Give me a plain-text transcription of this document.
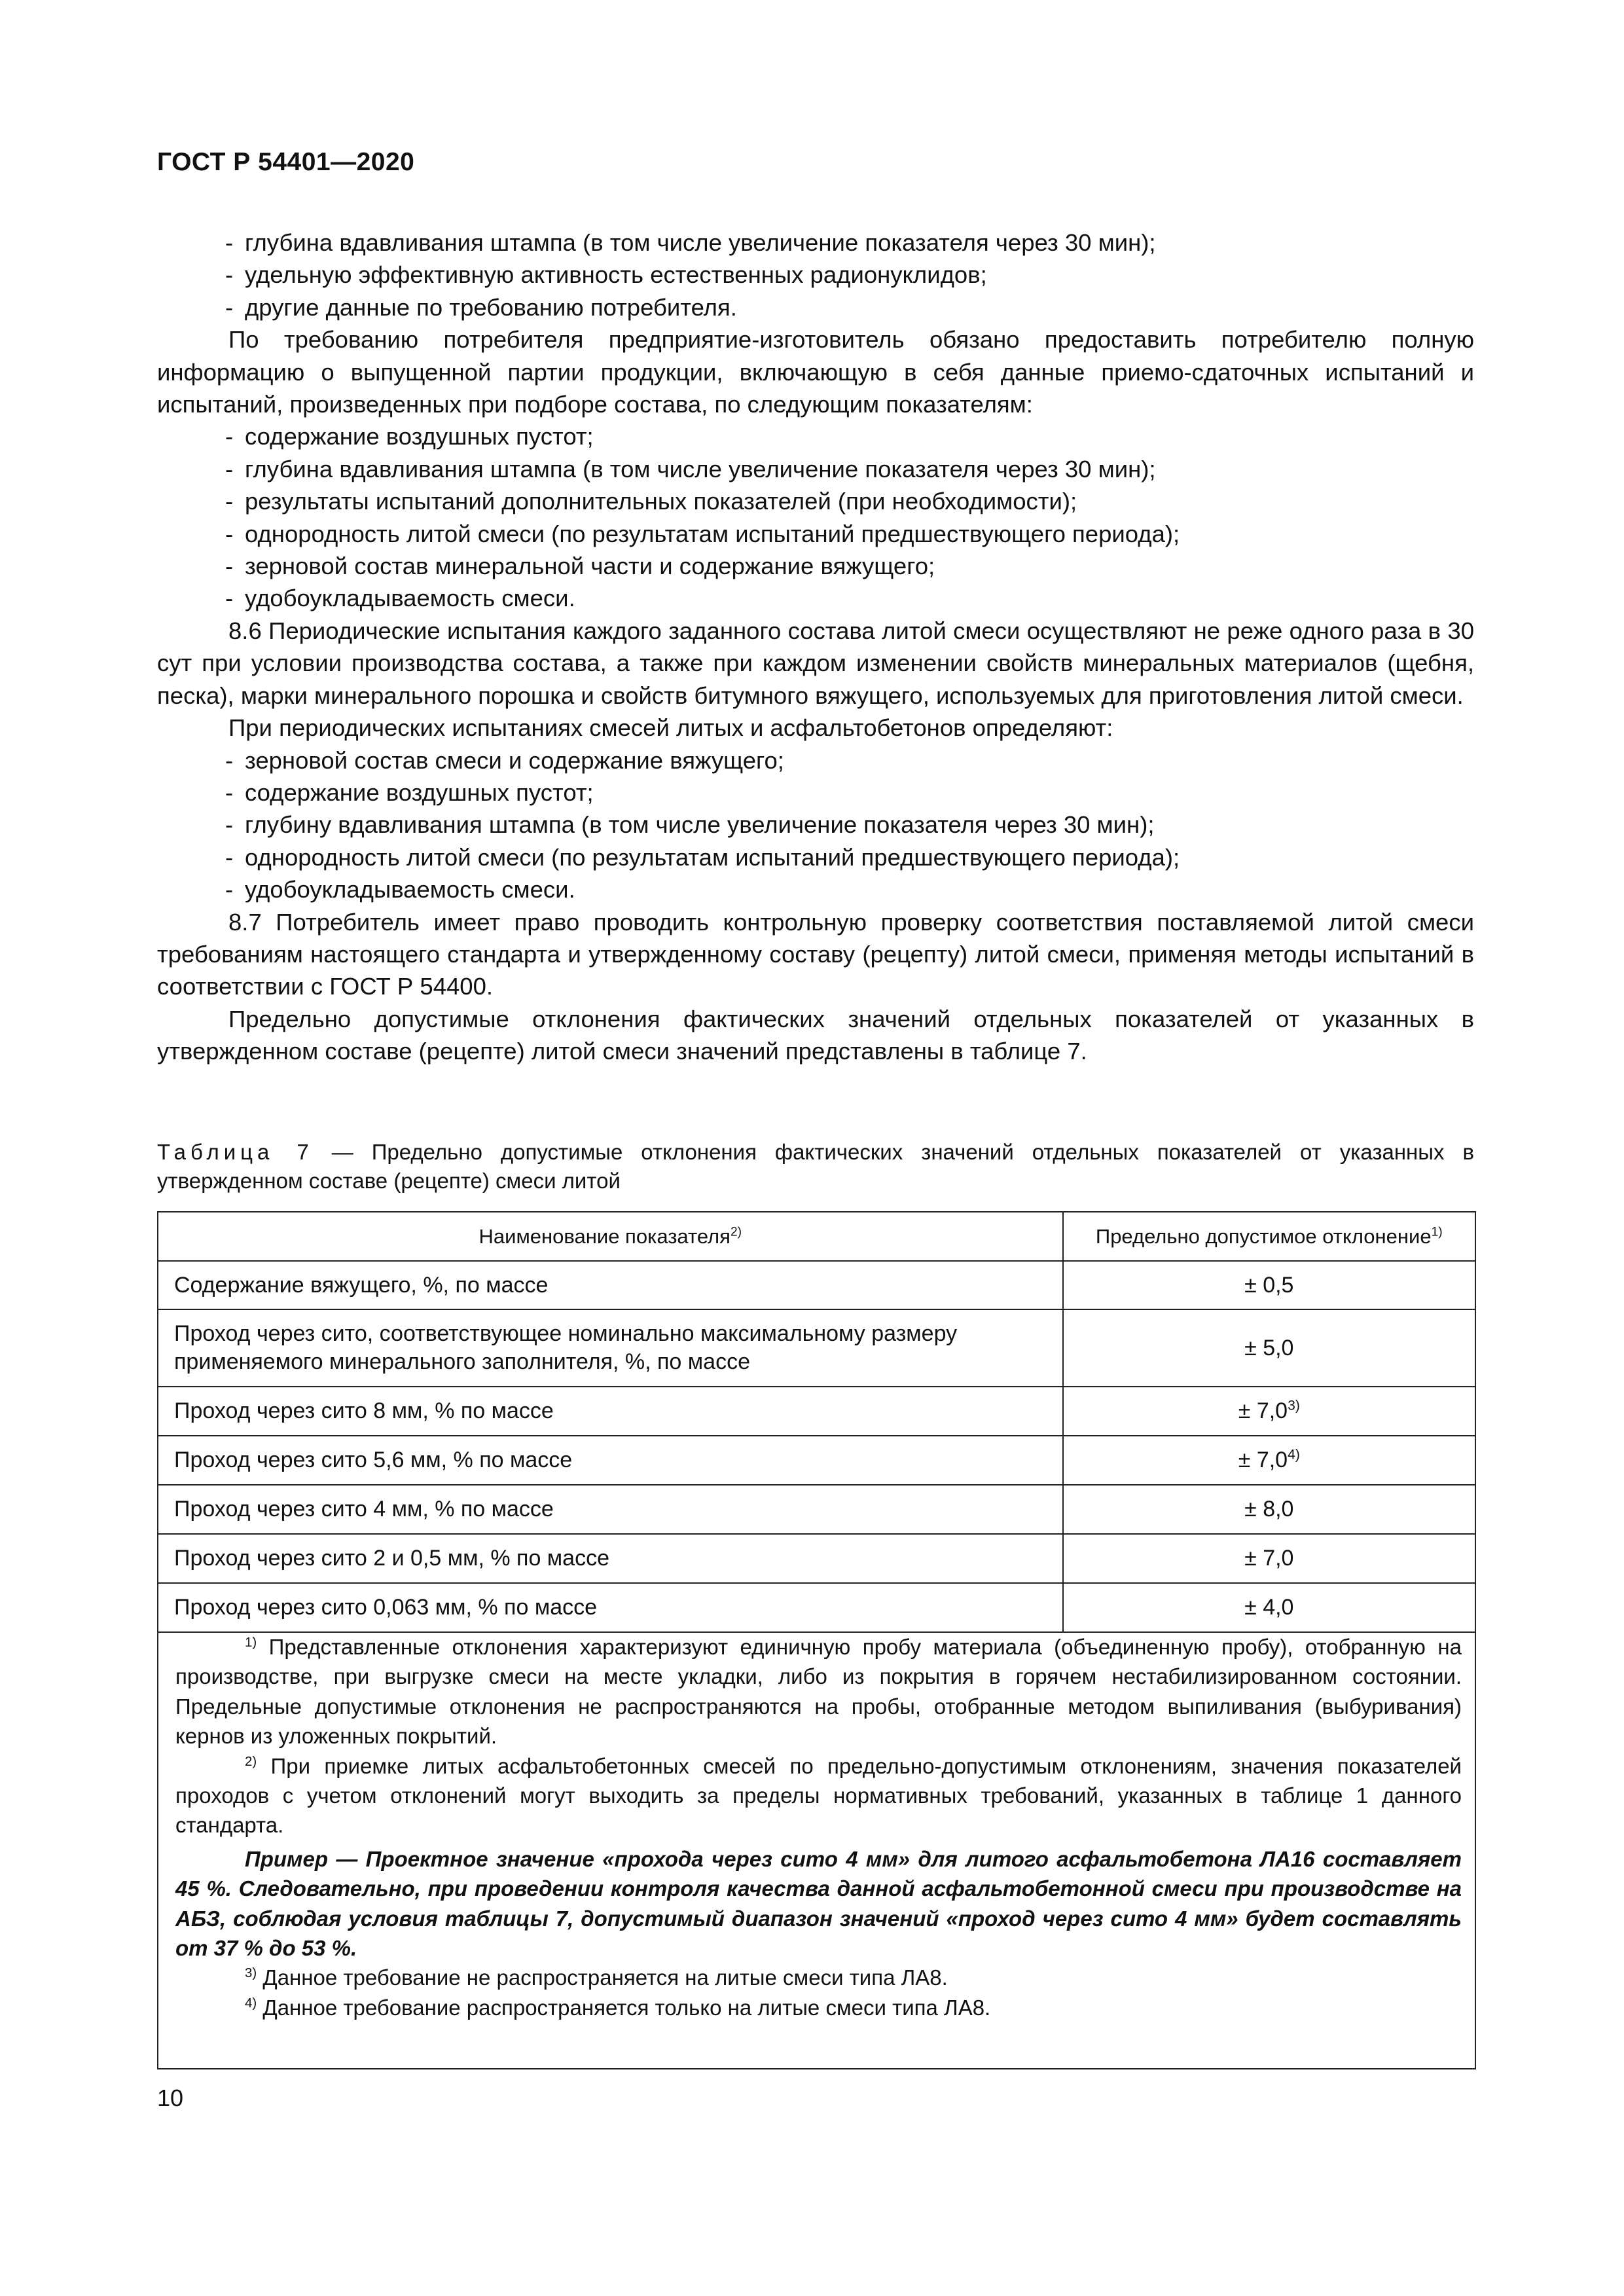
ГОСТ Р 54401—2020

- глубина вдавливания штампа (в том числе увеличение показателя через 30 мин);

- удельную эффективную активность естественных радионуклидов;

- другие данные по требованию потребителя.

По требованию потребителя предприятие-изготовитель обязано предоставить потребителю полную информацию о выпущенной партии продукции, включающую в себя данные приемо-сдаточных испытаний и испытаний, произведенных при подборе состава, по следующим показателям:

- содержание воздушных пустот;

- глубина вдавливания штампа (в том числе увеличение показателя через 30 мин);

- результаты испытаний дополнительных показателей (при необходимости);

- однородность литой смеси (по результатам испытаний предшествующего периода);

- зерновой состав минеральной части и содержание вяжущего;

- удобоукладываемость смеси.

8.6 Периодические испытания каждого заданного состава литой смеси осуществляют не реже одного раза в 30 сут при условии производства состава, а также при каждом изменении свойств минеральных материалов (щебня, песка), марки минерального порошка и свойств битумного вяжущего, используемых для приготовления литой смеси.

При периодических испытаниях смесей литых и асфальтобетонов определяют:

- зерновой состав смеси и содержание вяжущего;

- содержание воздушных пустот;

- глубину вдавливания штампа (в том числе увеличение показателя через 30 мин);

- однородность литой смеси (по результатам испытаний предшествующего периода);

- удобоукладываемость смеси.

8.7 Потребитель имеет право проводить контрольную проверку соответствия поставляемой литой смеси требованиям настоящего стандарта и утвержденному составу (рецепту) литой смеси, применяя методы испытаний в соответствии с ГОСТ Р 54400.

Предельно допустимые отклонения фактических значений отдельных показателей от указанных в утвержденном составе (рецепте) литой смеси значений представлены в таблице 7.

Таблица 7 — Предельно допустимые отклонения фактических значений отдельных показателей от указанных в утвержденном составе (рецепте) смеси литой
Наименование показателя$^{2)}$	Предельно допустимое отклонение$^{1)}$
Содержание вяжущего, %, по массе	± 0,5
Проход через сито, соответствующее номинально максимальному размеру применяемого минерального заполнителя, %, по массе	± 5,0
Проход через сито 8 мм, % по массе	± $7,0^{3)}$
Проход через сито 5,6 мм, % по массе	± $7,0^{4)}$
Проход через сито 4 мм, % по массе	± 8,0
Проход через сито 2 и 0,5 мм, % по массе	± 7,0
Проход через сито 0,063 мм, % по массе	± 4,0

$^{1)}$ Представленные отклонения характеризуют единичную пробу материала (объединенную пробу), отобранную на производстве, при выгрузке смеси на месте укладки, либо из покрытия в горячем нестабилизированном состоянии. Предельные допустимые отклонения не распространяются на пробы, отобранные методом выпиливания (выбуривания) кернов из уложенных покрытий.

$^{2)}$ При приемке литых асфальтобетонных смесей по предельно-допустимым отклонениям, значения показателей проходов с учетом отклонений могут выходить за пределы нормативных требований, указанных в таблице 1 данного стандарта.

Пример — Проектное значение «прохода через сито 4 мм» для литого асфальтобетона ЛА16 составляет 45 %. Следовательно, при проведении контроля качества данной асфальтобетонной смеси при производстве на АБЗ, соблюдая условия таблицы 7, допустимый диапазон значений «проход через сито 4 мм» будет составлять от 37 % до 53 %.

$^{3)}$ Данное требование не распространяется на литые смеси типа ЛА8.

$^{4)}$ Данное требование распространяется только на литые смеси типа ЛА8.

10
